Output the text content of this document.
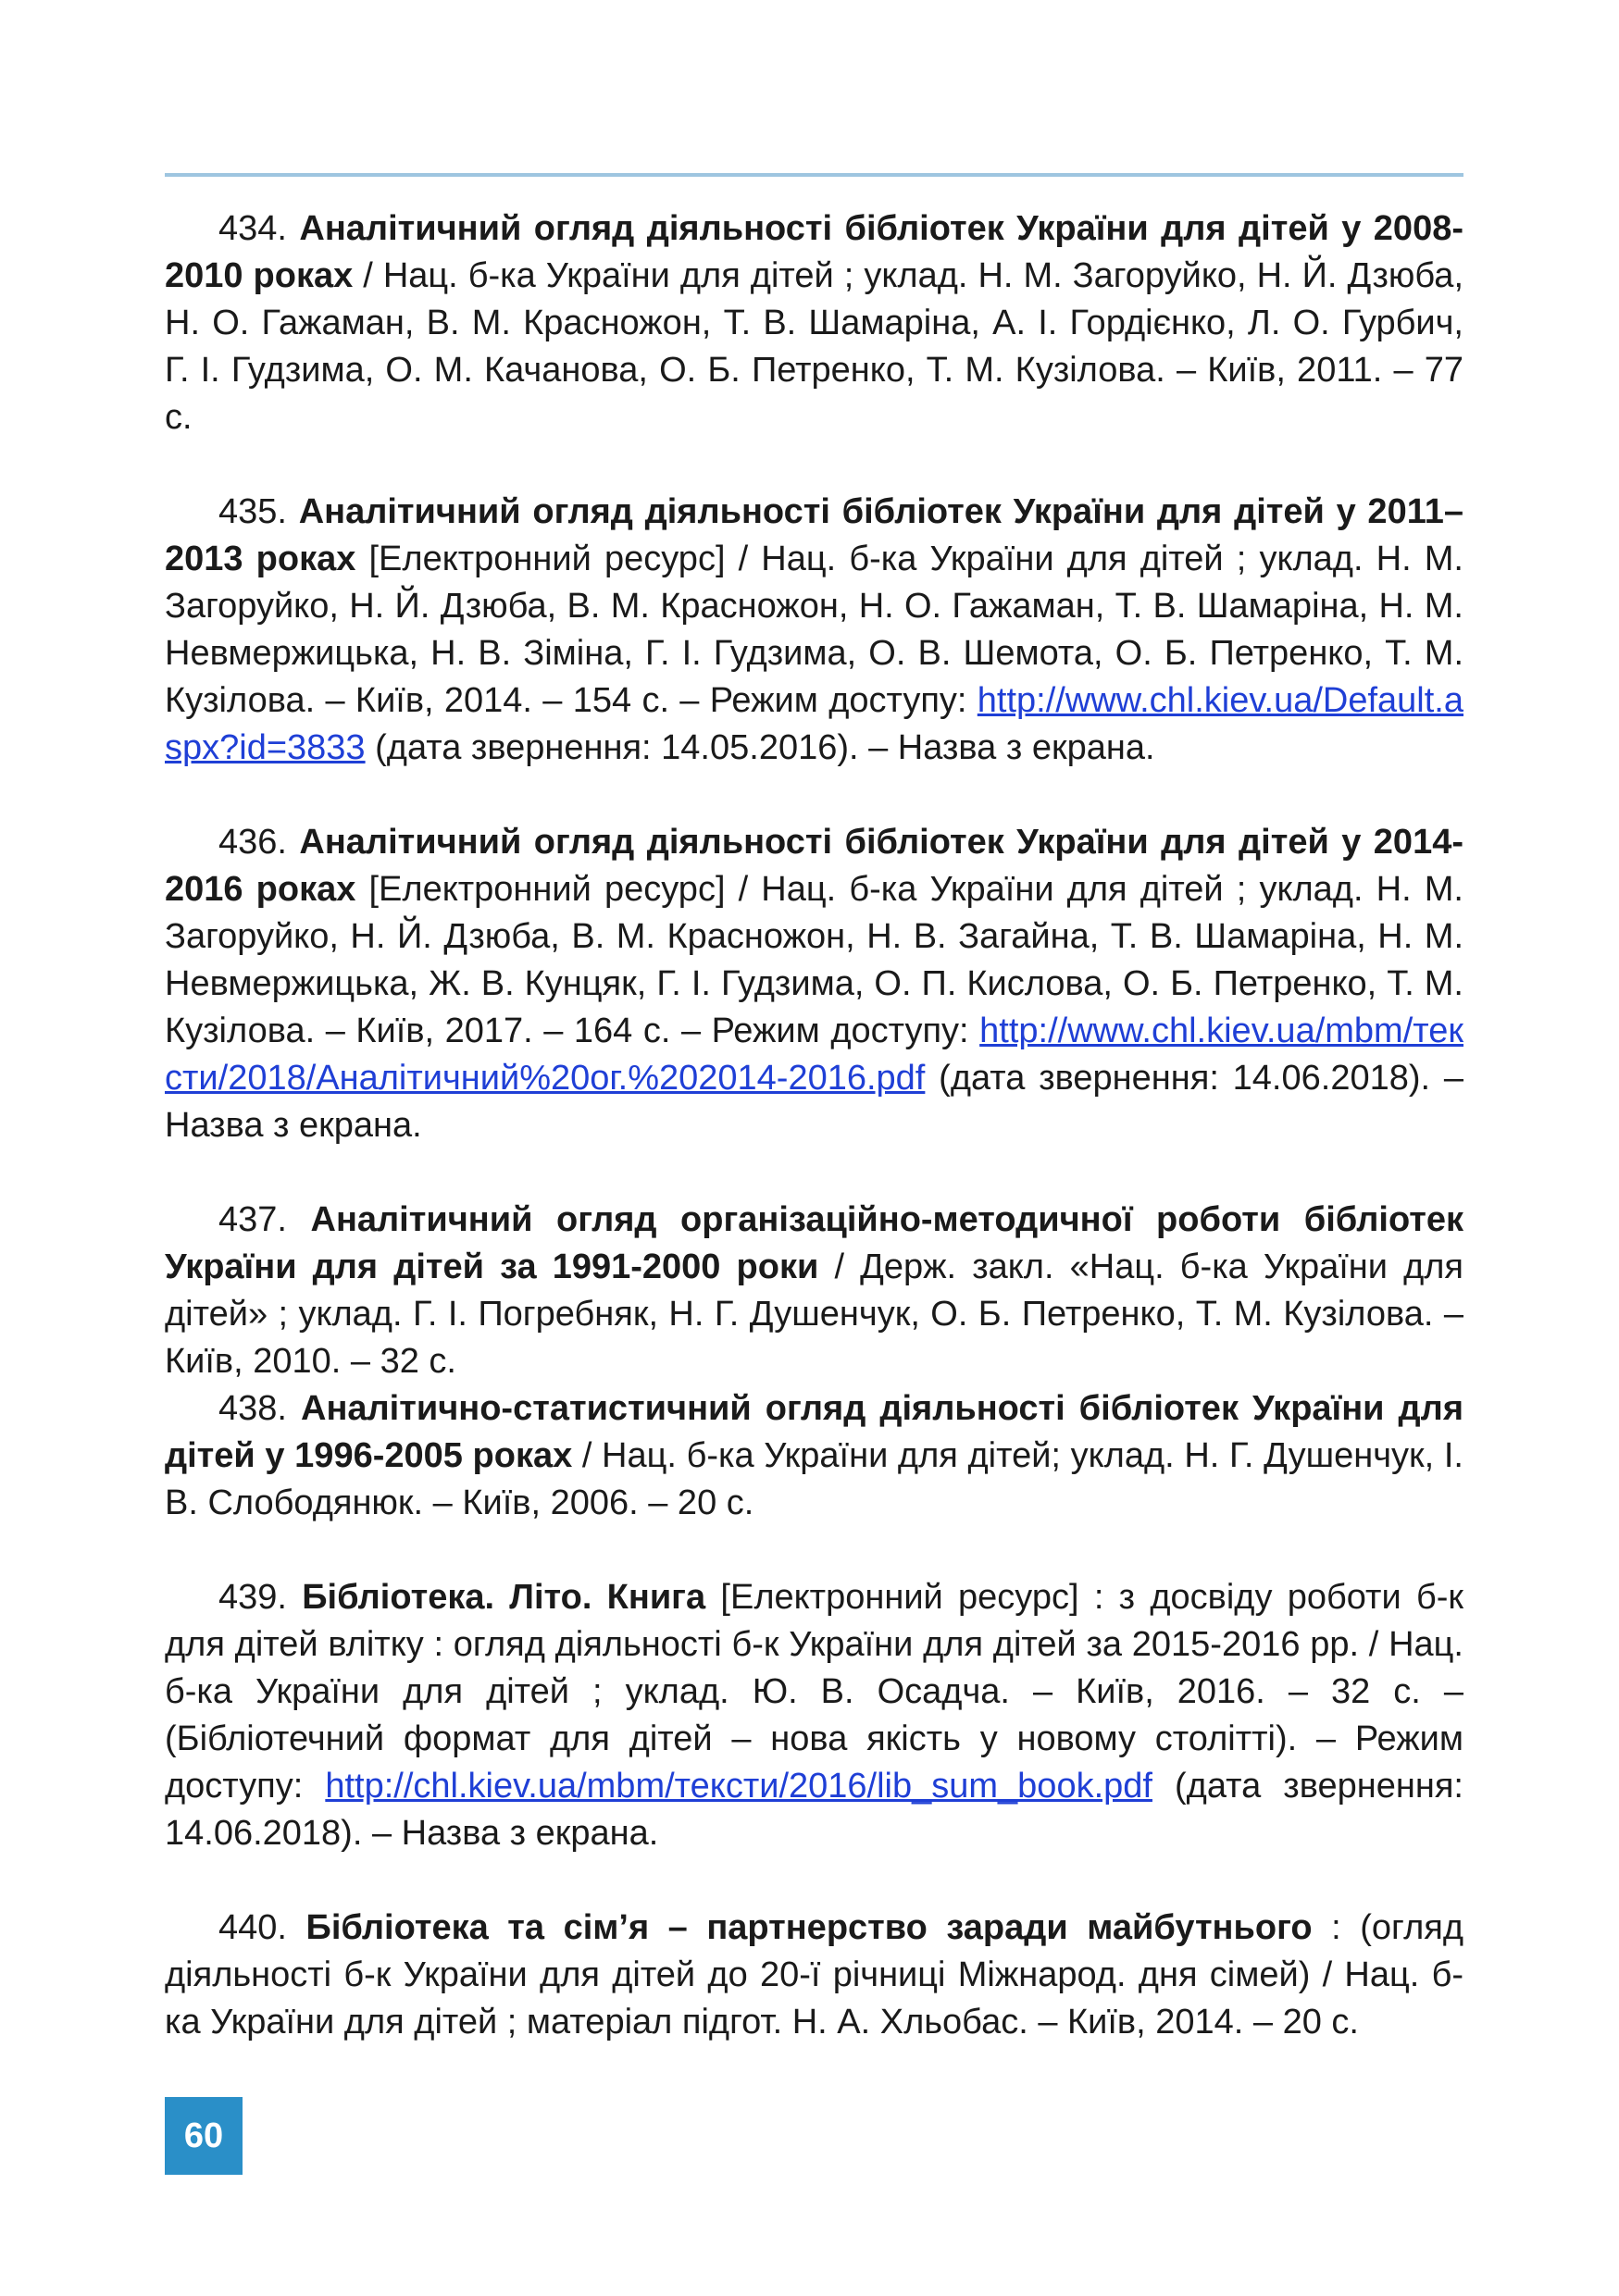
434. Аналітичний огляд діяльності бібліотек України для дітей у 2008-2010 роках / Нац. б-ка України для дітей ; уклад. Н. М. Загоруйко, Н. Й. Дзюба, Н. О. Гажаман, В. М. Красножон, Т. В. Шамаріна, А. І. Гордієнко, Л. О. Гурбич, Г. І. Гудзима, О. М. Качанова, О. Б. Петренко, Т. М. Кузілова. – Київ, 2011. – 77 с.

435. Аналітичний огляд діяльності бібліотек України для дітей у 2011–2013 роках [Електронний ресурс] / Нац. б-ка України для дітей ; уклад. Н. М. Загоруйко, Н. Й. Дзюба, В. М. Красножон, Н. О. Гажаман, Т. В. Шамаріна, Н. М. Невмержицька, Н. В. Зіміна, Г. І. Гудзима, О. В. Шемота, О. Б. Петренко, Т. М. Кузілова. – Київ, 2014. – 154 с. – Режим доступу: http://www.chl.kiev.ua/Default.aspx?id=3833 (дата звернення: 14.05.2016). – Назва з екрана.

436. Аналітичний огляд діяльності бібліотек України для дітей у 2014-2016 роках [Електронний ресурс] / Нац. б-ка України для дітей ; уклад. Н. М. Загоруйко, Н. Й. Дзюба, В. М. Красножон, Н. В. Загайна, Т. В. Шамаріна, Н. М. Невмержицька, Ж. В. Кунцяк, Г. І. Гудзима, О. П. Кислова, О. Б. Петренко, Т. М. Кузілова. – Київ, 2017. – 164 с. – Режим доступу: http://www.chl.kiev.ua/mbm/тексти/2018/Аналітичний%20ог.%202014-2016.pdf (дата звернення: 14.06.2018). – Назва з екрана.

437. Аналітичний огляд організаційно-методичної роботи бібліотек України для дітей за 1991-2000 роки / Держ. закл. «Нац. б-ка України для дітей» ; уклад. Г. І. Погребняк, Н. Г. Душенчук, О. Б. Петренко, Т. М. Кузілова. – Київ, 2010. – 32 с.

438. Аналітично-статистичний огляд діяльності бібліотек України для дітей у 1996-2005 роках / Нац. б-ка України для дітей; уклад. Н. Г. Душенчук, І. В. Слободянюк. – Київ, 2006. – 20 с.

439. Бібліотека. Літо. Книга [Електронний ресурс] : з досвіду роботи б-к для дітей влітку : огляд діяльності б-к України для дітей за 2015-2016 рр. / Нац. б-ка України для дітей ; уклад. Ю. В. Осадча. – Київ, 2016. – 32 с. – (Бібліотечний формат для дітей – нова якість у новому столітті). – Режим доступу: http://chl.kiev.ua/mbm/тексти/2016/lib_sum_book.pdf (дата звернення: 14.06.2018). – Назва з екрана.

440. Бібліотека та сім’я – партнерство заради майбутнього : (огляд діяльності б-к України для дітей до 20-ї річниці Міжнарод. дня сімей) / Нац. б-ка України для дітей ; матеріал підгот. Н. А. Хльобас. – Київ, 2014. – 20 с.

60
